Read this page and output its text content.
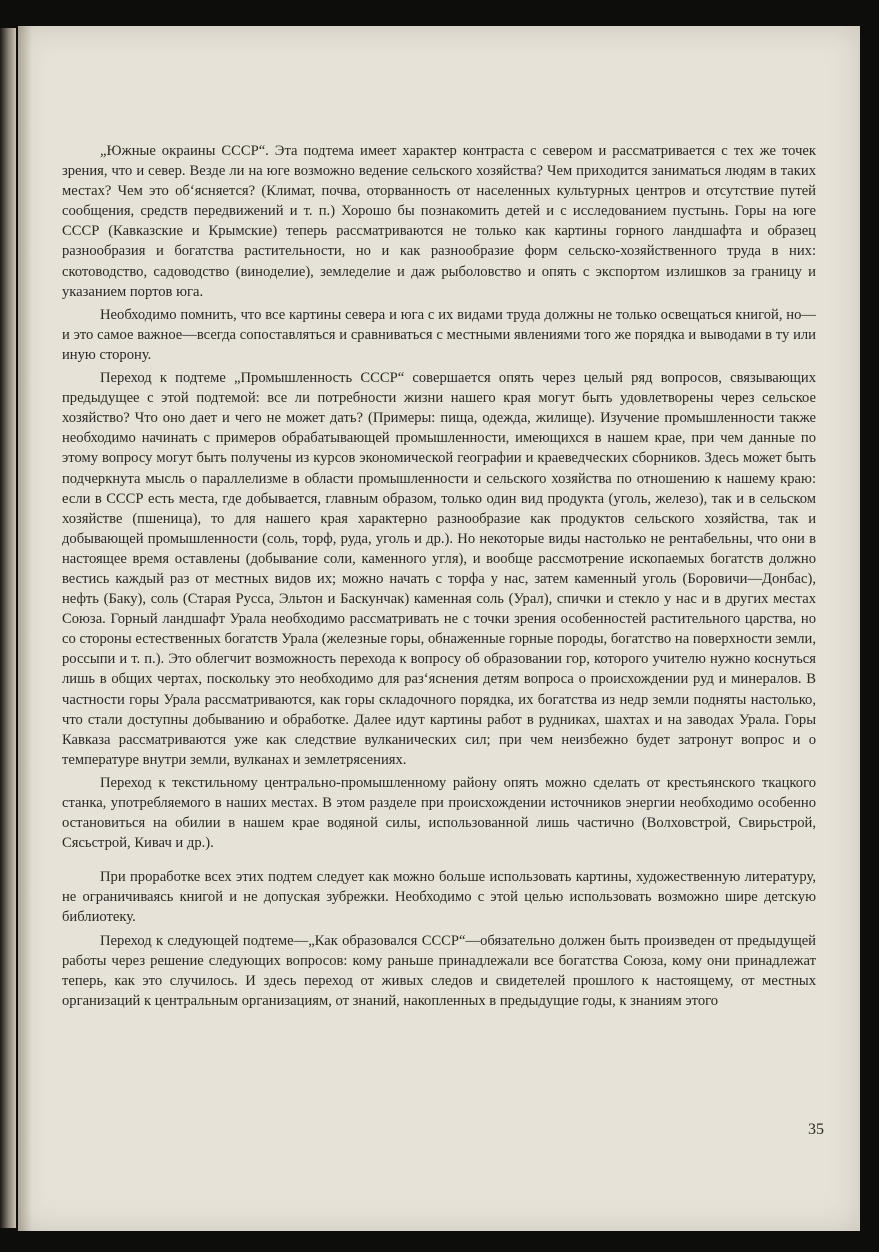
„Южные окраины СССР“. Эта подтема имеет характер контраста с севером и рассматривается с тех же точек зрения, что и север. Везде ли на юге возможно ведение сельского хозяйства? Чем приходится заниматься людям в таких местах? Чем это об‘ясняется? (Климат, почва, оторванность от населенных культурных центров и отсутствие путей сообщения, средств передвижений и т. п.) Хорошо бы познакомить детей и с исследованием пустынь. Горы на юге СССР (Кавказские и Крымские) теперь рассматриваются не только как картины горного ландшафта и образец разнообразия и богатства растительности, но и как разнообразие форм сельско-хозяйственного труда в них: скотоводство, садоводство (виноделие), земледелие и даж рыболовство и опять с экспортом излишков за границу и указанием портов юга.

Необходимо помнить, что все картины севера и юга с их видами труда должны не только освещаться книгой, но—и это самое важное—всегда сопоставляться и сравниваться с местными явлениями того же порядка и выводами в ту или иную сторону.

Переход к подтеме „Промышленность СССР“ совершается опять через целый ряд вопросов, связывающих предыдущее с этой подтемой: все ли потребности жизни нашего края могут быть удовлетворены через сельское хозяйство? Что оно дает и чего не может дать? (Примеры: пища, одежда, жилище). Изучение промышленности также необходимо начинать с примеров обрабатывающей промышленности, имеющихся в нашем крае, при чем данные по этому вопросу могут быть получены из курсов экономической географии и краеведческих сборников. Здесь может быть подчеркнута мысль о параллелизме в области промышленности и сельского хозяйства по отношению к нашему краю: если в СССР есть места, где добывается, главным образом, только один вид продукта (уголь, железо), так и в сельском хозяйстве (пшеница), то для нашего края характерно разнообразие как продуктов сельского хозяйства, так и добывающей промышленности (соль, торф, руда, уголь и др.). Но некоторые виды настолько не рентабельны, что они в настоящее время оставлены (добывание соли, каменного угля), и вообще рассмотрение ископаемых богатств должно вестись каждый раз от местных видов их; можно начать с торфа у нас, затем каменный уголь (Боровичи—Донбас), нефть (Баку), соль (Старая Русса, Эльтон и Баскунчак) каменная соль (Урал), спички и стекло у нас и в других местах Союза. Горный ландшафт Урала необходимо рассматривать не с точки зрения особенностей растительного царства, но со стороны естественных богатств Урала (железные горы, обнаженные горные породы, богатство на поверхности земли, россыпи и т. п.). Это облегчит возможность перехода к вопросу об образовании гор, которого учителю нужно коснуться лишь в общих чертах, поскольку это необходимо для раз‘яснения детям вопроса о происхождении руд и минералов. В частности горы Урала рассматриваются, как горы складочного порядка, их богатства из недр земли подняты настолько, что стали доступны добыванию и обработке. Далее идут картины работ в рудниках, шахтах и на заводах Урала. Горы Кавказа рассматриваются уже как следствие вулканических сил; при чем неизбежно будет затронут вопрос и о температуре внутри земли, вулканах и землетрясениях.

Переход к текстильному центрально-промышленному району опять можно сделать от крестьянского ткацкого станка, употребляемого в наших местах. В этом разделе при происхождении источников энергии необходимо особенно остановиться на обилии в нашем крае водяной силы, использованной лишь частично (Волховстрой, Свирьстрой, Сясьстрой, Кивач и др.).

При проработке всех этих подтем следует как можно больше использовать картины, художественную литературу, не ограничиваясь книгой и не допуская зубрежки. Необходимо с этой целью использовать возможно шире детскую библиотеку.

Переход к следующей подтеме—„Как образовался СССР“—обязательно должен быть произведен от предыдущей работы через решение следующих вопросов: кому раньше принадлежали все богатства Союза, кому они принадлежат теперь, как это случилось. И здесь переход от живых следов и свидетелей прошлого к настоящему, от местных организаций к центральным организациям, от знаний, накопленных в предыдущие годы, к знаниям этого

35
